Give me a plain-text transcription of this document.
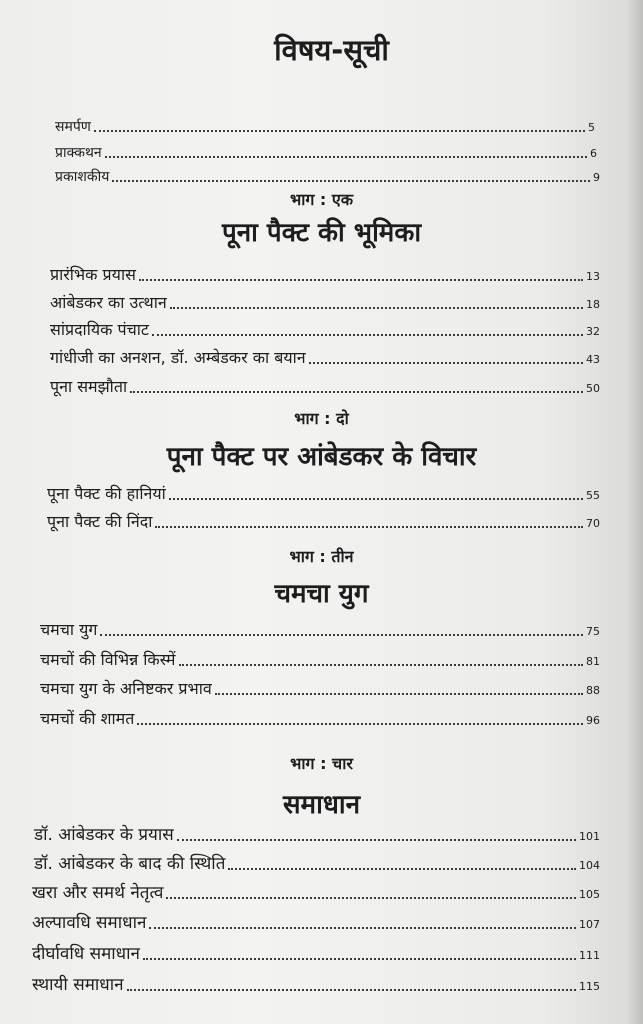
विषय-सूची
समर्पण	5
प्राक्कथन	6
प्रकाशकीय	9
भाग : एक
पूना पैक्ट की भूमिका
प्रारंभिक प्रयास	13
आंबेडकर का उत्थान	18
सांप्रदायिक पंचाट	32
गांधीजी का अनशन, डॉ. अम्बेडकर का बयान	43
पूना समझौता	50
भाग : दो
पूना पैक्ट पर आंबेडकर के विचार
पूना पैक्ट की हानियां	55
पूना पैक्ट की निंदा	70
भाग : तीन
चमचा युग
चमचा युग	75
चमचों की विभिन्न किस्में	81
चमचा युग के अनिष्टकर प्रभाव	88
चमचों की शामत	96
भाग : चार
समाधान
डॉ. आंबेडकर के प्रयास	101
डॉ. आंबेडकर के बाद की स्थिति	104
खरा और समर्थ नेतृत्व	105
अल्पावधि समाधान	107
दीर्घावधि समाधान	111
स्थायी समाधान	115
